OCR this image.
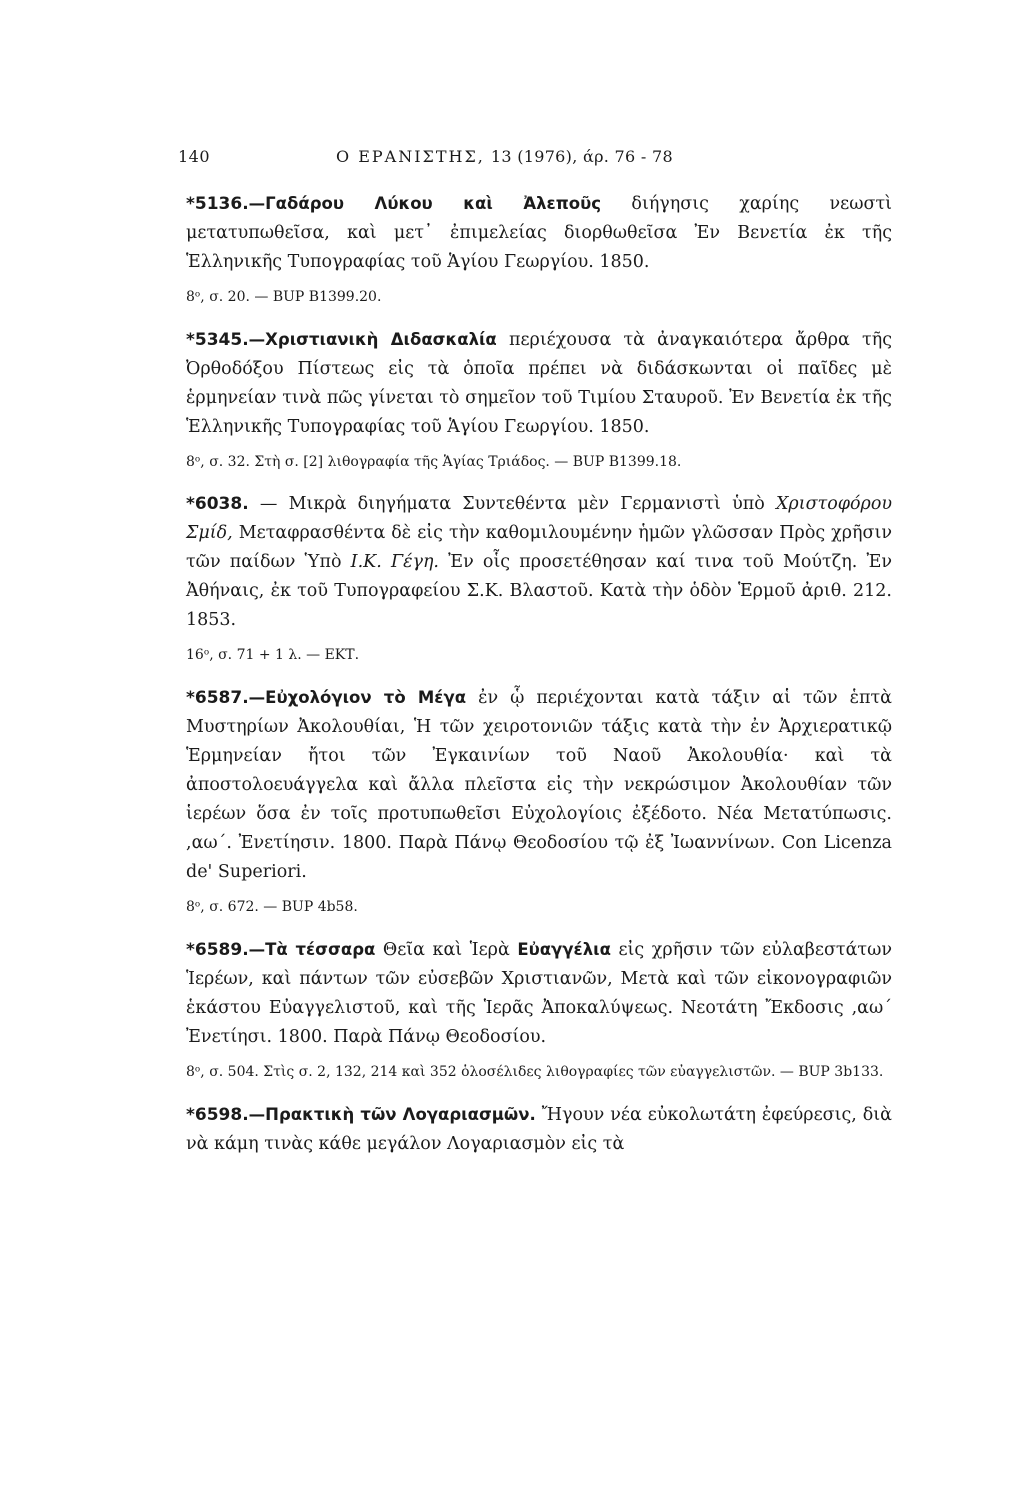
140	Ο ΕΡΑΝΙΣΤΗΣ, 13 (1976), άρ. 76 - 78

*5136.—Γαδάρου Λύκου καὶ Ἀλεποῦς διήγησις χαρίης νεωστὶ μετατυπωθεῖσα, καὶ μετ᾽ ἐπιμελείας διορθωθεῖσα Ἐν Βενετία ἐκ τῆς Ἑλληνικῆς Τυπογραφίας τοῦ Ἁγίου Γεωργίου. 1850.

8ᵒ, σ. 20. — BUP B1399.20.

*5345.—Χριστιανικὴ Διδασκαλία περιέχουσα τὰ ἀναγκαιότερα ἄρθρα τῆς Ὀρθοδόξου Πίστεως εἰς τὰ ὁποῖα πρέπει νὰ διδάσκωνται οἱ παῖδες μὲ ἑρμηνείαν τινὰ πῶς γίνεται τὸ σημεῖον τοῦ Τιμίου Σταυροῦ. Ἐν Βενετία ἐκ τῆς Ἑλληνικῆς Τυπογραφίας τοῦ Ἁγίου Γεωργίου. 1850.

8ᵒ, σ. 32. Στὴ σ. [2] λιθογραφία τῆς Ἁγίας Τριάδος. — BUP B1399.18.

*6038. — Μικρὰ διηγήματα Συντεθέντα μὲν Γερμανιστὶ ὑπὸ Χριστοφόρου Σμίδ, Μεταφρασθέντα δὲ εἰς τὴν καθομιλουμένην ἡμῶν γλῶσσαν Πρὸς χρῆσιν τῶν παίδων Ὑπὸ Ι.Κ. Γέγη. Ἐν οἷς προσετέθησαν καί τινα τοῦ Μούτζη. Ἐν Ἀθήναις, ἐκ τοῦ Τυπογραφείου Σ.Κ. Βλαστοῦ. Κατὰ τὴν ὁδὸν Ἑρμοῦ ἀριθ. 212. 1853.

16ᵒ, σ. 71 + 1 λ. — ΕΚΤ.

*6587.—Εὐχολόγιον τὸ Μέγα ἐν ᾧ περιέχονται κατὰ τάξιν αἱ τῶν ἑπτὰ Μυστηρίων Ἀκολουθίαι, Ἡ τῶν χειροτονιῶν τάξις κατὰ τὴν ἐν Ἀρχιερατικῷ Ἑρμηνείαν ἤτοι τῶν Ἐγκαινίων τοῦ Ναοῦ Ἀκολουθία· καὶ τὰ ἀποστολοευάγγελα καὶ ἄλλα πλεῖστα εἰς τὴν νεκρώσιμον Ἀκολουθίαν τῶν ἱερέων ὅσα ἐν τοῖς προτυπωθεῖσι Εὐχολογίοις ἐξέδοτο. Νέα Μετατύπωσις. ,αω΄. Ἐνετίησιν. 1800. Παρὰ Πάνῳ Θεοδοσίου τῷ ἐξ Ἰωαννίνων. Con Licenza de' Superiori.

8ᵒ, σ. 672. — BUP 4b58.

*6589.—Τὰ τέσσαρα Θεῖα καὶ Ἱερὰ Εὐαγγέλια εἰς χρῆσιν τῶν εὐλαβεστάτων Ἱερέων, καὶ πάντων τῶν εὐσεβῶν Χριστιανῶν, Μετὰ καὶ τῶν εἰκονογραφιῶν ἑκάστου Εὐαγγελιστοῦ, καὶ τῆς Ἱερᾶς Ἀποκαλύψεως. Νεοτάτη Ἔκδοσις ,αω΄ Ἐνετίησι. 1800. Παρὰ Πάνῳ Θεοδοσίου.

8ᵒ, σ. 504. Στὶς σ. 2, 132, 214 καὶ 352 ὁλοσέλιδες λιθογραφίες τῶν εὐαγγελιστῶν. — BUP 3b133.

*6598.—Πρακτικὴ τῶν Λογαριασμῶν. Ἤγουν νέα εὐκολωτάτη ἐφεύρεσις, διὰ νὰ κάμη τινὰς κάθε μεγάλον Λογαριασμὸν εἰς τὰ
